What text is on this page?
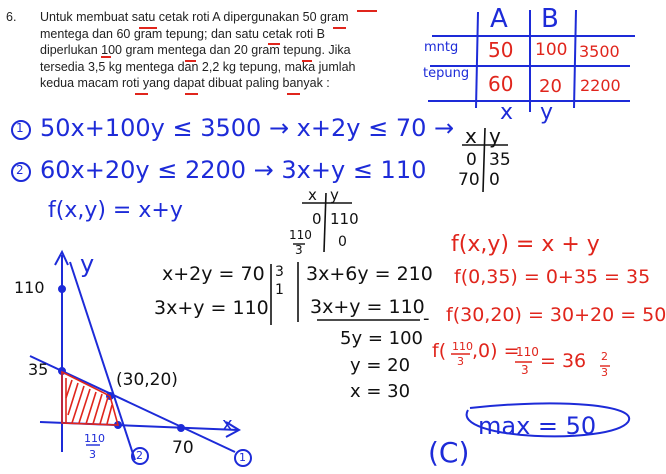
6. Untuk membuat satu cetak roti A dipergunakan 50 gram
mentega dan 60 gram tepung; dan satu cetak roti B
diperlukan 100 gram mentega dan 20 gram tepung. Jika
tersedia 3,5 kg mentega dan 2,2 kg tepung, maka jumlah
kedua macam roti yang dapat dibuat paling banyak :
A B
mntg 50 100 3500
tepung 60 20 2200
x y
1 50x+100y ≤ 3500 → x+2y ≤ 70 →
2 60x+20y ≤ 2200 → 3x+y ≤ 110
x y
0 35
70 0
f(x,y) = x+y
x y
0 110
110
3	0
x+2y = 70
3x+y = 110
3
1
3x+6y = 210
3x+y = 110
-
5y = 100
y = 20
x = 30
y
x
110
35
(30,20)
110
3	70	1
2
f(x,y) = x + y
f(0,35) = 0+35 = 35
f(30,20) = 30+20 = 50
f( 110
3 ,0) =
110
3 = 36 2
3
max = 50
(C)
